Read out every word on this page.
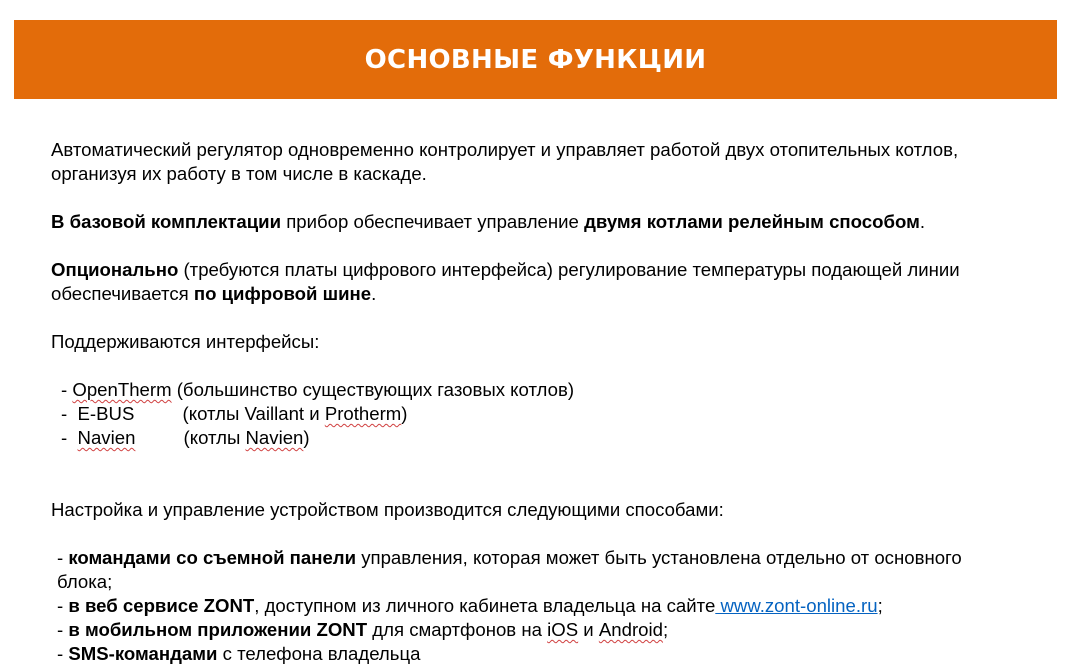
ОСНОВНЫЕ ФУНКЦИИ

Автоматический регулятор одновременно контролирует и управляет работой двух отопительных котлов,
организуя их работу в том числе в каскаде.

В базовой комплектации прибор обеспечивает управление двумя котлами релейным способом.

Опционально (требуются платы цифрового интерфейса) регулирование температуры подающей линии
обеспечивается по цифровой шине.

Поддерживаются интерфейсы:

- OpenTherm (большинство существующих газовых котлов)

-  E-BUS	(котлы Vaillant и Protherm)

-  Navien	(котлы Navien)

Настройка и управление устройством производится следующими способами:

- командами со съемной панели управления, которая может быть установлена отдельно от основного
блока;

- в веб сервисе ZONT, доступном из личного кабинета владельца на сайте www.zont-online.ru;

- в мобильном приложении ZONT для смартфонов на iOS и Android;

- SMS-командами с телефона владельца
